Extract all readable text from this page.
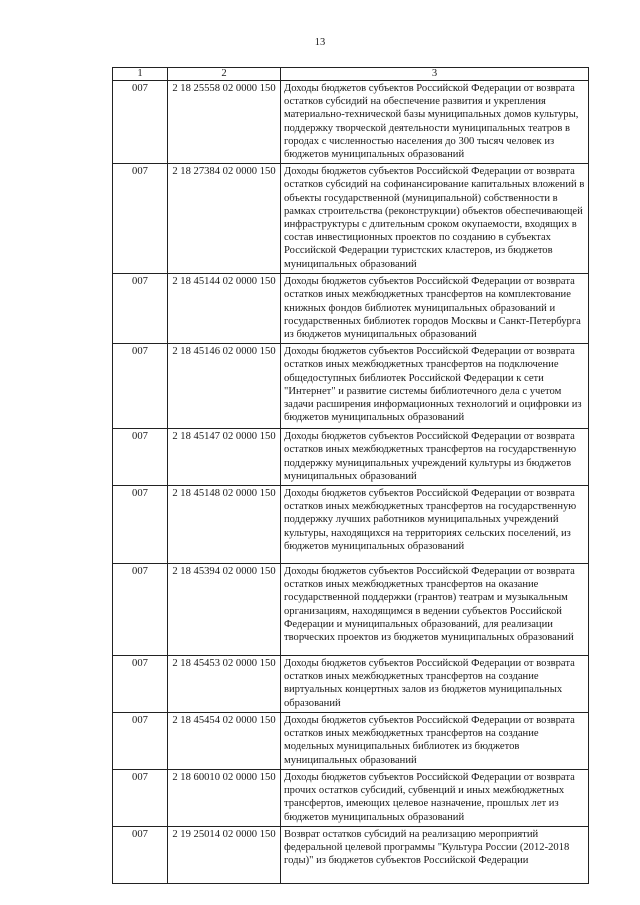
13
1	2	3
007	2 18 25558 02 0000 150	Доходы бюджетов субъектов Российской Федерации от возврата остатков субсидий на обеспечение развития и укрепления материально-технической базы муниципальных домов культуры, поддержку творческой деятельности муниципальных театров в городах с численностью населения до 300 тысяч человек из бюджетов муниципальных образований
007	2 18 27384 02 0000 150	Доходы бюджетов субъектов Российской Федерации от возврата остатков субсидий на софинансирование капитальных вложений в объекты государственной (муниципальной) собственности в рамках строительства (реконструкции) объектов обеспечивающей инфраструктуры с длительным сроком окупаемости, входящих в состав инвестиционных проектов по созданию в субъектах Российской Федерации туристских кластеров, из бюджетов муниципальных образований
007	2 18 45144 02 0000 150	Доходы бюджетов субъектов Российской Федерации от возврата остатков иных межбюджетных трансфертов на комплектование книжных фондов библиотек муниципальных образований и государственных библиотек городов Москвы и Санкт-Петербурга из бюджетов муниципальных образований
007	2 18 45146 02 0000 150	Доходы бюджетов субъектов Российской Федерации от возврата остатков иных межбюджетных трансфертов на подключение общедоступных библиотек Российской Федерации к сети "Интернет" и развитие системы библиотечного дела с учетом задачи расширения информационных технологий и оцифровки из бюджетов муниципальных образований
007	2 18 45147 02 0000 150	Доходы бюджетов субъектов Российской Федерации от возврата остатков иных межбюджетных трансфертов на государственную поддержку муниципальных учреждений культуры из бюджетов муниципальных образований
007	2 18 45148 02 0000 150	Доходы бюджетов субъектов Российской Федерации от возврата остатков иных межбюджетных трансфертов на государственную поддержку лучших работников муниципальных учреждений культуры, находящихся на территориях сельских поселений, из бюджетов муниципальных образований
007	2 18 45394 02 0000 150	Доходы бюджетов субъектов Российской Федерации от возврата остатков иных межбюджетных трансфертов на оказание государственной поддержки (грантов) театрам и музыкальным организациям, находящимся в ведении субъектов Российской Федерации и муниципальных образований, для реализации творческих проектов из бюджетов муниципальных образований
007	2 18 45453 02 0000 150	Доходы бюджетов субъектов Российской Федерации от возврата остатков иных межбюджетных трансфертов на создание виртуальных концертных залов из бюджетов муниципальных образований
007	2 18 45454 02 0000 150	Доходы бюджетов субъектов Российской Федерации от возврата остатков иных межбюджетных трансфертов на создание модельных муниципальных библиотек из бюджетов муниципальных образований
007	2 18 60010 02 0000 150	Доходы бюджетов субъектов Российской Федерации от возврата прочих остатков субсидий, субвенций и иных межбюджетных трансфертов, имеющих целевое назначение, прошлых лет из бюджетов муниципальных образований
007	2 19 25014 02 0000 150	Возврат остатков субсидий на реализацию мероприятий федеральной целевой программы "Культура России (2012-2018 годы)" из бюджетов субъектов Российской Федерации
